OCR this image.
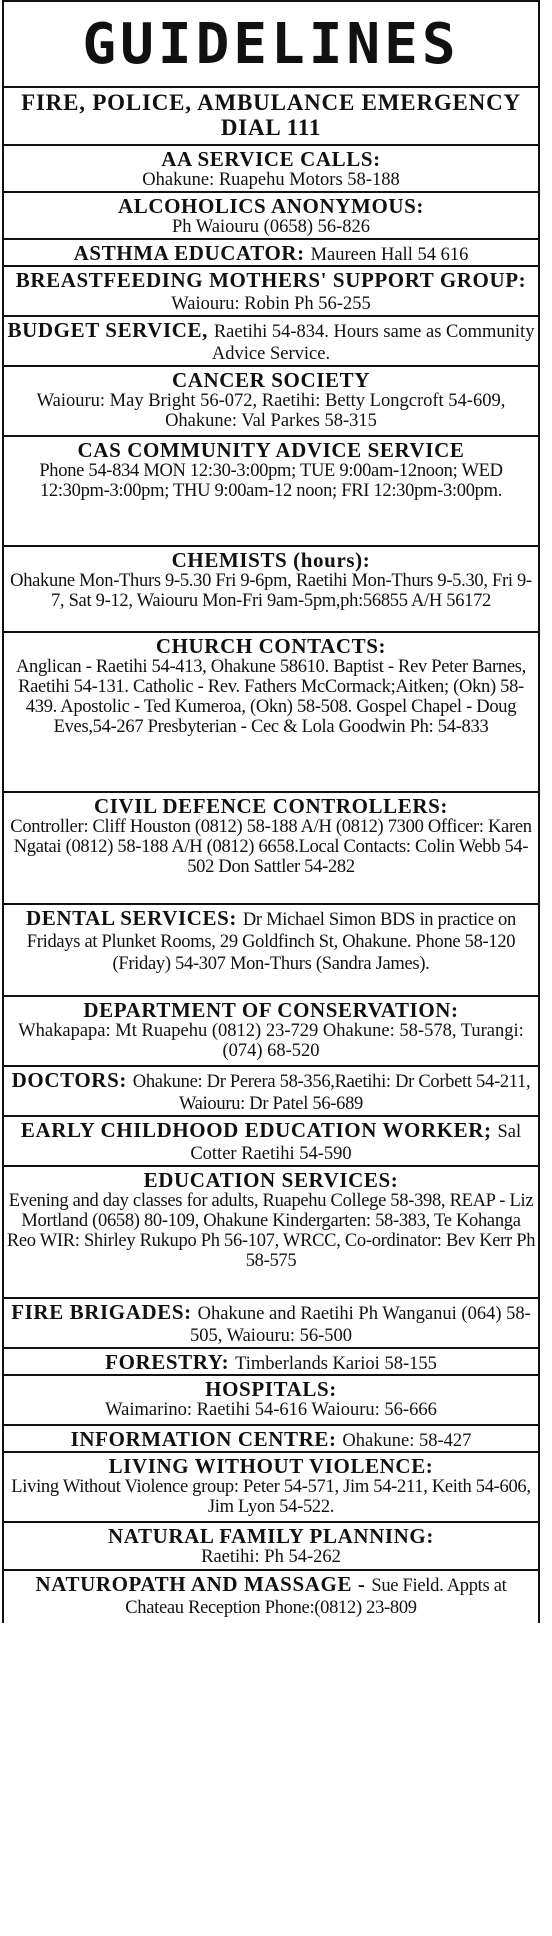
GUIDELINES
FIRE, POLICE, AMBULANCE EMERGENCY DIAL 111
AA SERVICE CALLS:
Ohakune: Ruapehu Motors 58-188
ALCOHOLICS ANONYMOUS:
Ph Waiouru (0658) 56-826
ASTHMA EDUCATOR: Maureen Hall 54 616
BREASTFEEDING MOTHERS' SUPPORT GROUP: Waiouru: Robin Ph 56-255
BUDGET SERVICE, Raetihi 54-834. Hours same as Community Advice Service.
CANCER SOCIETY
Waiouru: May Bright 56-072, Raetihi: Betty Longcroft 54-609, Ohakune: Val Parkes 58-315
CAS COMMUNITY ADVICE SERVICE
Phone 54-834 MON 12:30-3:00pm; TUE 9:00am-12noon; WED 12:30pm-3:00pm; THU 9:00am-12 noon; FRI 12:30pm-3:00pm.
CHEMISTS (hours):
Ohakune Mon-Thurs 9-5.30 Fri 9-6pm, Raetihi Mon-Thurs 9-5.30, Fri 9-7, Sat 9-12, Waiouru Mon-Fri 9am-5pm,ph:56855 A/H 56172
CHURCH CONTACTS:
Anglican - Raetihi 54-413, Ohakune 58610. Baptist - Rev Peter Barnes, Raetihi 54-131. Catholic - Rev. Fathers McCormack;Aitken; (Okn) 58-439. Apostolic - Ted Kumeroa, (Okn) 58-508. Gospel Chapel - Doug Eves,54-267 Presbyterian - Cec & Lola Goodwin Ph: 54-833
CIVIL DEFENCE CONTROLLERS:
Controller: Cliff Houston (0812) 58-188 A/H (0812) 7300 Officer: Karen Ngatai (0812) 58-188 A/H (0812) 6658.Local Contacts: Colin Webb 54-502 Don Sattler 54-282
DENTAL SERVICES: Dr Michael Simon BDS in practice on Fridays at Plunket Rooms, 29 Goldfinch St, Ohakune. Phone 58-120 (Friday) 54-307 Mon-Thurs (Sandra James).
DEPARTMENT OF CONSERVATION:
Whakapapa: Mt Ruapehu (0812) 23-729 Ohakune: 58-578, Turangi: (074) 68-520
DOCTORS: Ohakune: Dr Perera 58-356,Raetihi: Dr Corbett 54-211, Waiouru: Dr Patel 56-689
EARLY CHILDHOOD EDUCATION WORKER; Sal Cotter Raetihi 54-590
EDUCATION SERVICES:
Evening and day classes for adults, Ruapehu College 58-398, REAP - Liz Mortland (0658) 80-109, Ohakune Kindergarten: 58-383, Te Kohanga Reo WIR: Shirley Rukupo Ph 56-107, WRCC, Co-ordinator: Bev Kerr Ph 58-575
FIRE BRIGADES: Ohakune and Raetihi Ph Wanganui (064) 58-505, Waiouru: 56-500
FORESTRY: Timberlands Karioi 58-155
HOSPITALS:
Waimarino: Raetihi 54-616 Waiouru: 56-666
INFORMATION CENTRE: Ohakune: 58-427
LIVING WITHOUT VIOLENCE:
Living Without Violence group: Peter 54-571, Jim 54-211, Keith 54-606, Jim Lyon 54-522.
NATURAL FAMILY PLANNING:
Raetihi: Ph 54-262
NATUROPATH AND MASSAGE - Sue Field. Appts at Chateau Reception Phone:(0812) 23-809
